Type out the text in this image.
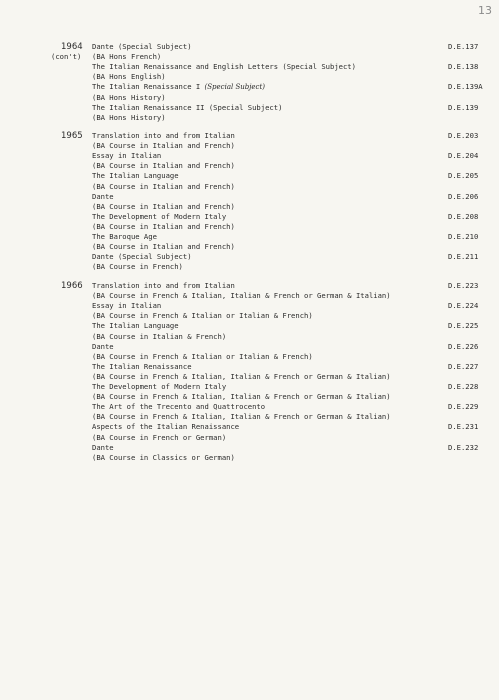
13
1964
(con't)
Dante (Special Subject)	D.E.137
(BA Hons French)
The Italian Renaissance and English Letters (Special Subject)	D.E.138
(BA Hons English)
The Italian Renaissance I (Special Subject)	D.E.139A
(BA Hons History)
The Italian Renaissance II (Special Subject)	D.E.139
(BA Hons History)
1965 Translation into and from Italian	D.E.203
(BA Course in Italian and French)
Essay in Italian	D.E.204
(BA Course in Italian and French)
The Italian Language	D.E.205
(BA Course in Italian and French)
Dante	D.E.206
(BA Course in Italian and French)
The Development of Modern Italy	D.E.208
(BA Course in Italian and French)
The Baroque Age	D.E.210
(BA Course in Italian and French)
Dante (Special Subject)	D.E.211
(BA Course in French)
1966 Translation into and from Italian	D.E.223
(BA Course in French & Italian, Italian & French or German & Italian)
Essay in Italian	D.E.224
(BA Course in French & Italian or Italian & French)
The Italian Language	D.E.225
(BA Course in Italian & French)
Dante	D.E.226
(BA Course in French & Italian or Italian & French)
The Italian Renaissance	D.E.227
(BA Course in French & Italian, Italian & French or German & Italian)
The Development of Modern Italy	D.E.228
(BA Course in French & Italian, Italian & French or German & Italian)
The Art of the Trecento and Quattrocento	D.E.229
(BA Course in French & Italian, Italian & French or German & Italian)
Aspects of the Italian Renaissance	D.E.231
(BA Course in French or German)
Dante	D.E.232
(BA Course in Classics or German)
